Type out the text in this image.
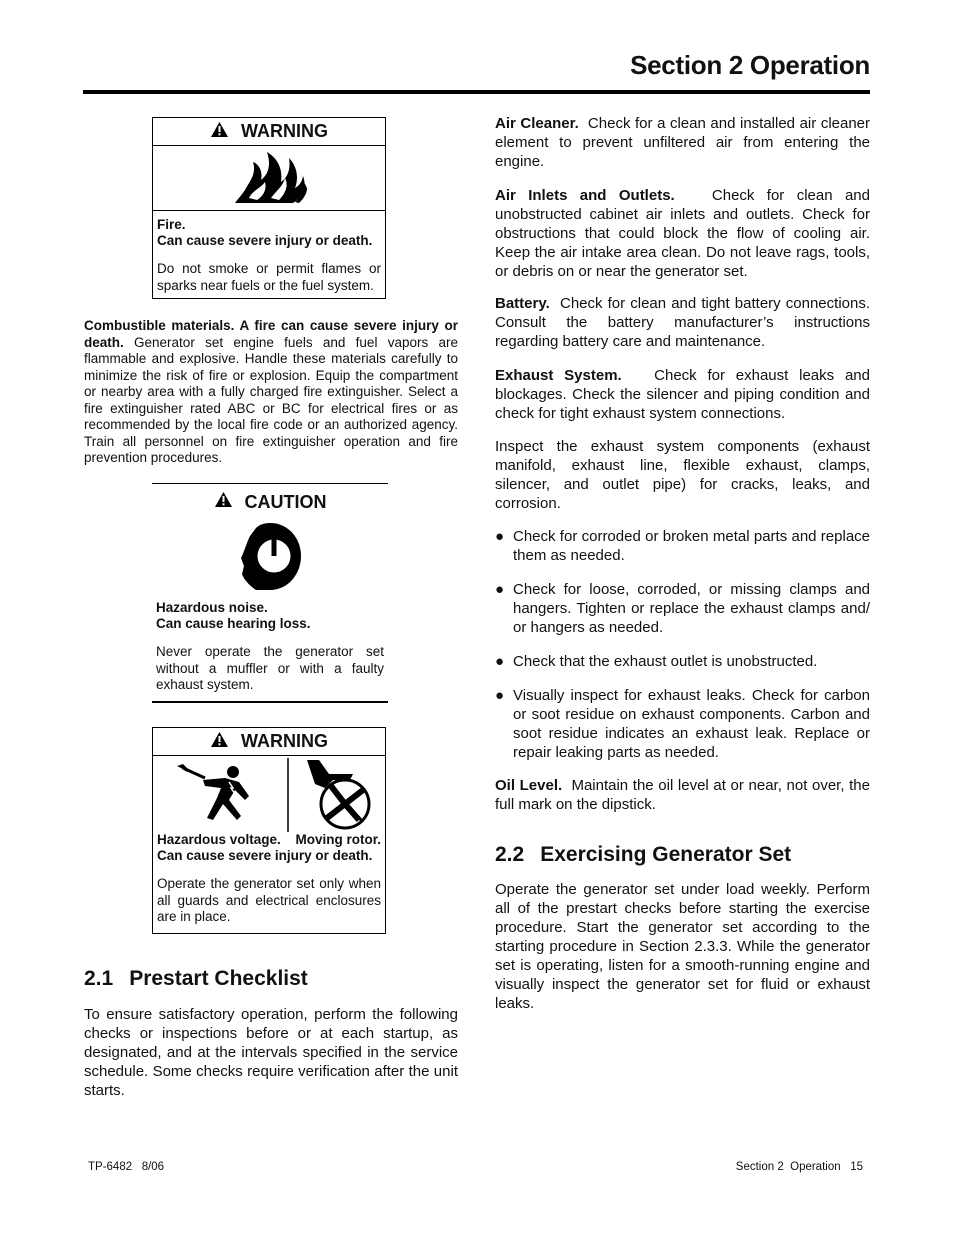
Section 2 Operation
WARNING
Fire.
Can cause severe injury or death.
Do not smoke or permit flames or sparks near fuels or the fuel system.
Combustible materials. A fire can cause severe injury or death. Generator set engine fuels and fuel vapors are flammable and explosive. Handle these materials carefully to minimize the risk of fire or explosion. Equip the compartment or nearby area with a fully charged fire extinguisher. Select a fire extinguisher rated ABC or BC for electrical fires or as recommended by the local fire code or an authorized agency. Train all personnel on fire extinguisher operation and fire prevention procedures.
CAUTION
Hazardous noise.
Can cause hearing loss.
Never operate the generator set without a muffler or with a faulty exhaust system.
WARNING
Hazardous voltage. Moving rotor.
Can cause severe injury or death.
Operate the generator set only when all guards and electrical enclosures are in place.
2.1 Prestart Checklist
To ensure satisfactory operation, perform the following checks or inspections before or at each startup, as designated, and at the intervals specified in the service schedule. Some checks require verification after the unit starts.
Air Cleaner. Check for a clean and installed air cleaner element to prevent unfiltered air from entering the engine.
Air Inlets and Outlets. Check for clean and unobstructed cabinet air inlets and outlets. Check for obstructions that could block the flow of cooling air. Keep the air intake area clean. Do not leave rags, tools, or debris on or near the generator set.
Battery. Check for clean and tight battery connections. Consult the battery manufacturer’s instructions regarding battery care and maintenance.
Exhaust System. Check for exhaust leaks and blockages. Check the silencer and piping condition and check for tight exhaust system connections.
Inspect the exhaust system components (exhaust manifold, exhaust line, flexible exhaust, clamps, silencer, and outlet pipe) for cracks, leaks, and corrosion.
● Check for corroded or broken metal parts and replace them as needed.
● Check for loose, corroded, or missing clamps and hangers. Tighten or replace the exhaust clamps and/ or hangers as needed.
● Check that the exhaust outlet is unobstructed.
● Visually inspect for exhaust leaks. Check for carbon or soot residue on exhaust components. Carbon and soot residue indicates an exhaust leak. Replace or repair leaking parts as needed.
Oil Level. Maintain the oil level at or near, not over, the full mark on the dipstick.
2.2 Exercising Generator Set
Operate the generator set under load weekly. Perform all of the prestart checks before starting the exercise procedure. Start the generator set according to the starting procedure in Section 2.3.3. While the generator set is operating, listen for a smooth-running engine and visually inspect the generator set for fluid or exhaust leaks.
TP-6482   8/06	Section 2  Operation   15
